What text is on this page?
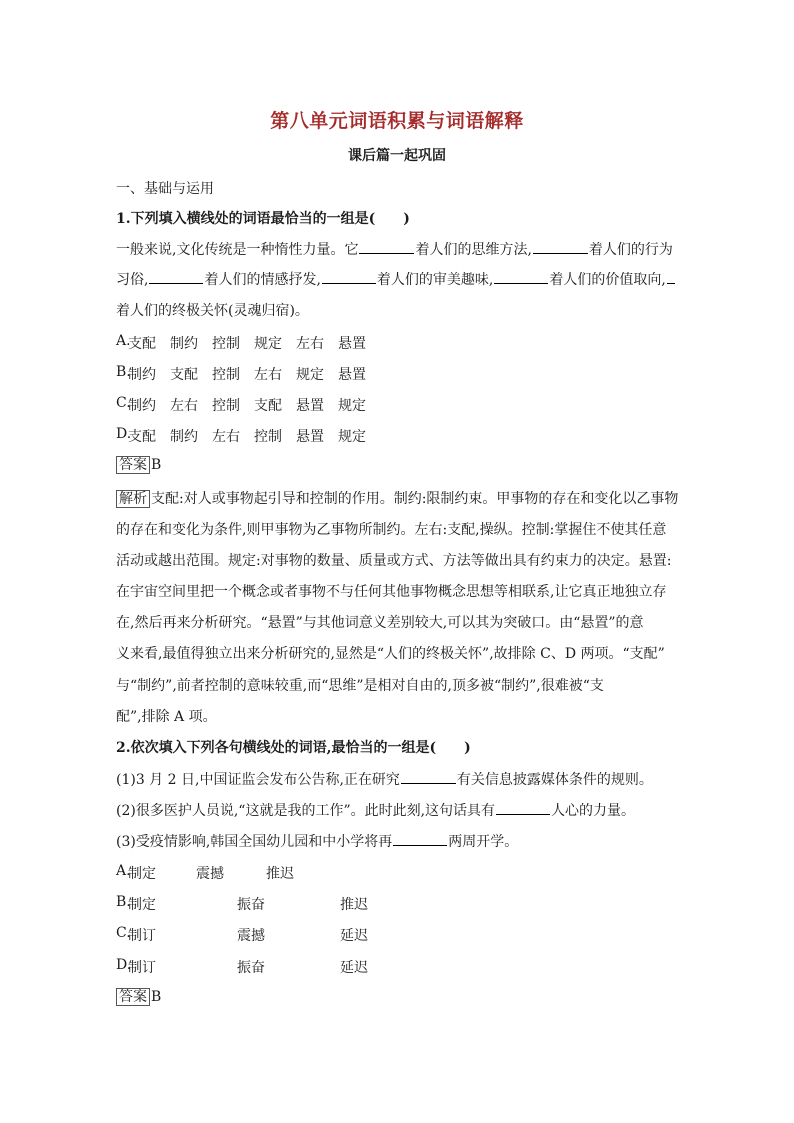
第八单元词语积累与词语解释
课后篇一起巩固
一、基础与运用
1.下列填入横线处的词语最恰当的一组是(　　)
一般来说,文化传统是一种惰性力量。它	着人们的思维方法,	着人们的行为
习俗,	着人们的情感抒发,	着人们的审美趣味,	着人们的价值取向,
着人们的终极关怀(灵魂归宿)。
A.
支配 制约 控制 规定 左右 悬置
B.
制约 支配 控制 左右 规定 悬置
C.
制约 左右 控制 支配 悬置 规定
D.
支配 制约 左右 控制 悬置 规定
答案 B
解析 支配:对人或事物起引导和控制的作用。制约:限制约束。甲事物的存在和变化以乙事物
的存在和变化为条件,则甲事物为乙事物所制约。左右:支配,操纵。控制:掌握住不使其任意
活动或越出范围。规定:对事物的数量、质量或方式、方法等做出具有约束力的决定。悬置:
在宇宙空间里把一个概念或者事物不与任何其他事物概念思想等相联系,让它真正地独立存
在,然后再来分析研究。“悬置”与其他词意义差别较大,可以其为突破口。由“悬置”的意
义来看,最值得独立出来分析研究的,显然是“人们的终极关怀”,故排除 C、D 两项。“支配”
与“制约”,前者控制的意味较重,而“思维”是相对自由的,顶多被“制约”,很难被“支
配”,排除 A 项。
2.依次填入下列各句横线处的词语,最恰当的一组是(　　)
(1)3 月 2 日,中国证监会发布公告称,正在研究	有关信息披露媒体条件的规则。
(2)很多医护人员说,“这就是我的工作”。此时此刻,这句话具有	人心的力量。
(3)受疫情影响,韩国全国幼儿园和中小学将再	两周开学。
A.
制定	震撼	推迟
B.
制定	振奋	推迟
C.
制订	震撼	延迟
D.
制订	振奋	延迟
答案 B
